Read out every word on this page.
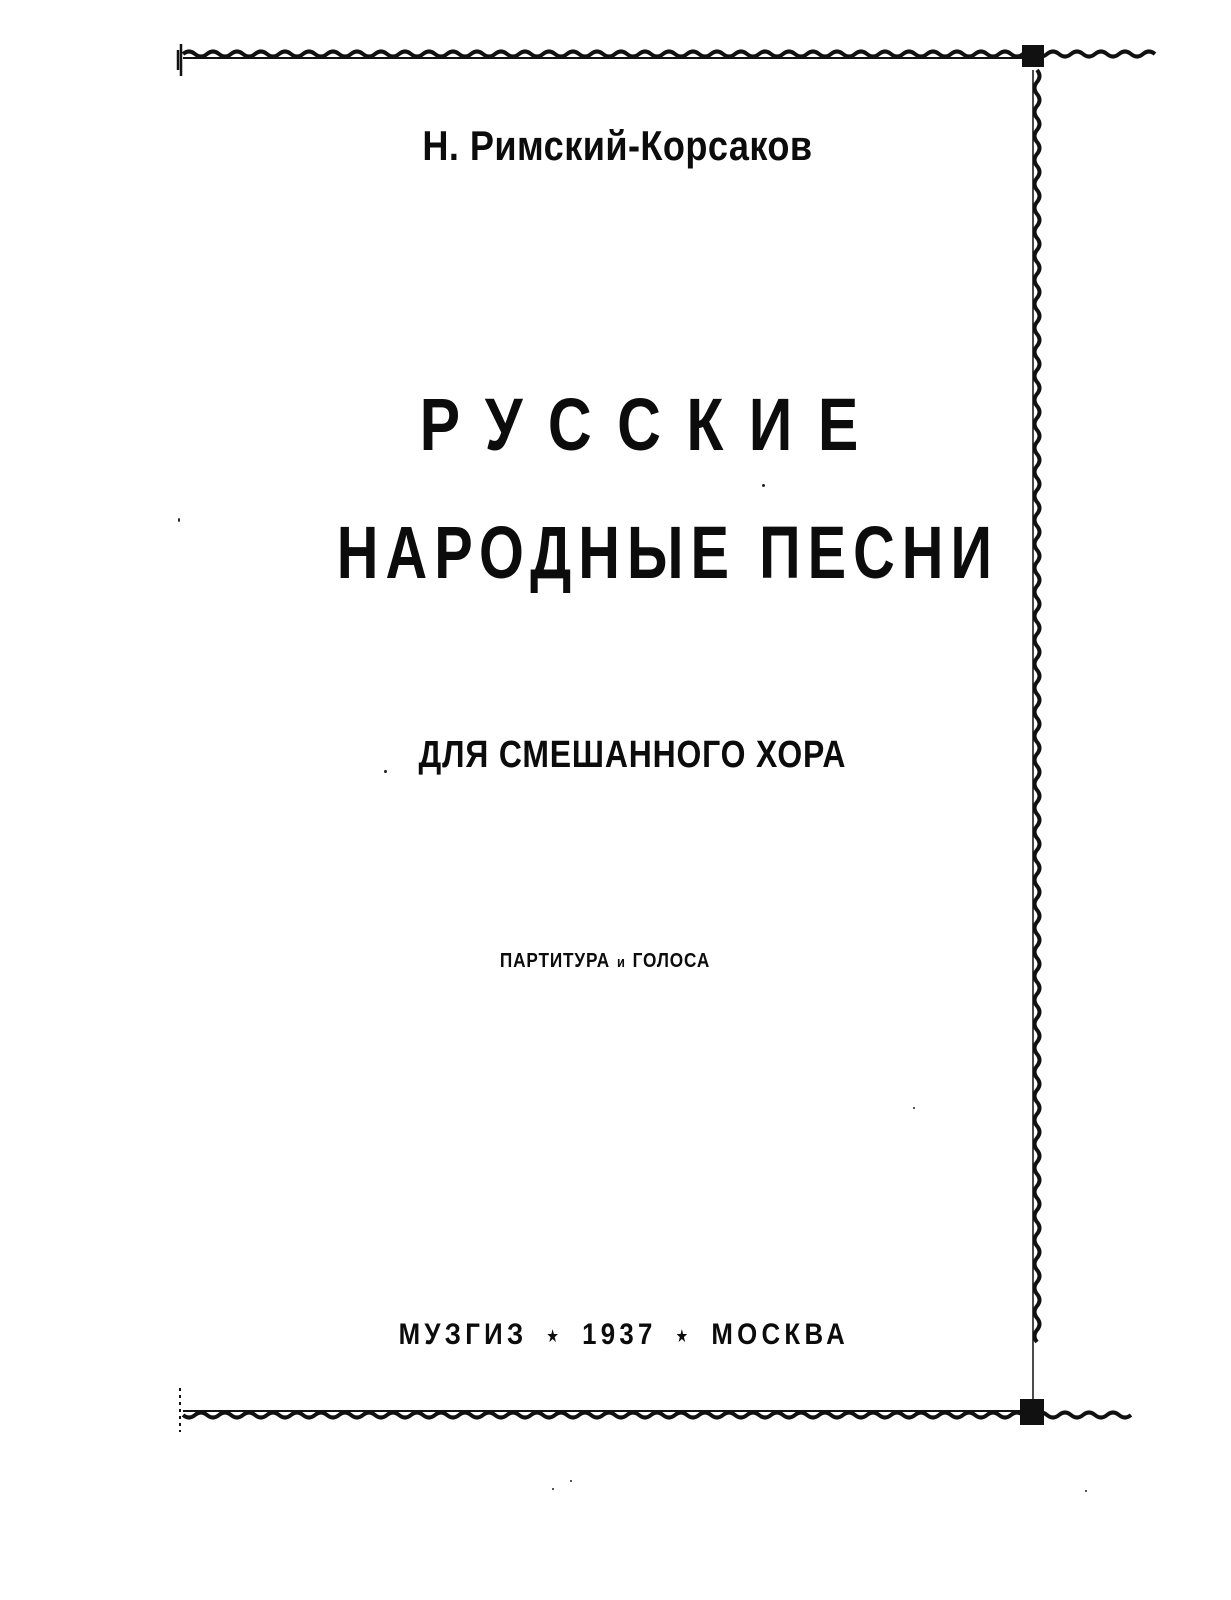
Н. Римский-Корсаков
РУССКИЕ
НАРОДНЫЕ ПЕСНИ
ДЛЯ СМЕШАННОГО ХОРА
ПАРТИТУРА и ГОЛОСА
МУЗГИЗ ★ 1937 ★ МОСКВА
